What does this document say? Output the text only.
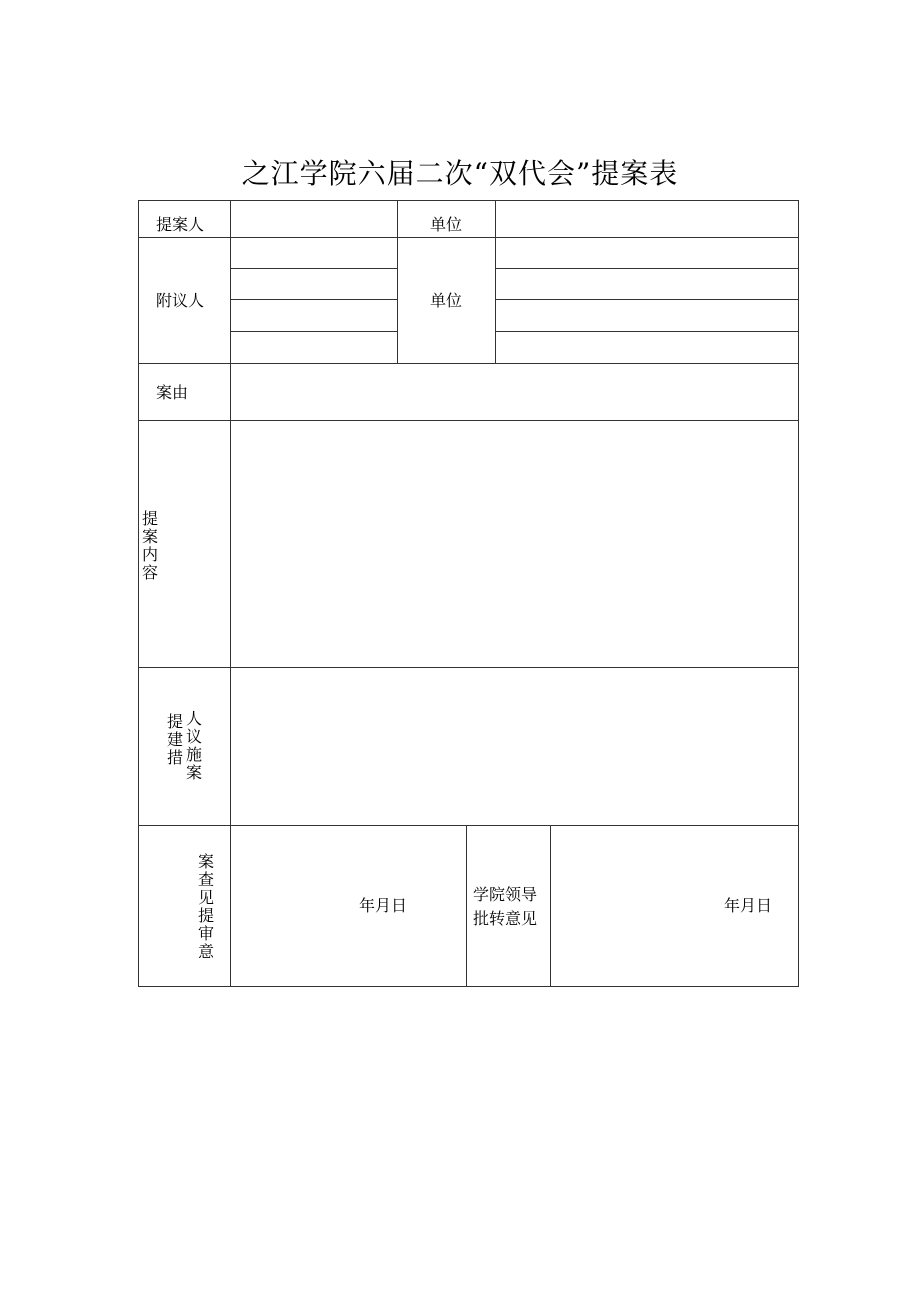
之江学院六届二次“双代会”提案表
提案人	单位
附议人	单位
案由
提案内容
提建措
人议施案
案查见提审意
年月日
学院领导
批转意见
年月日
